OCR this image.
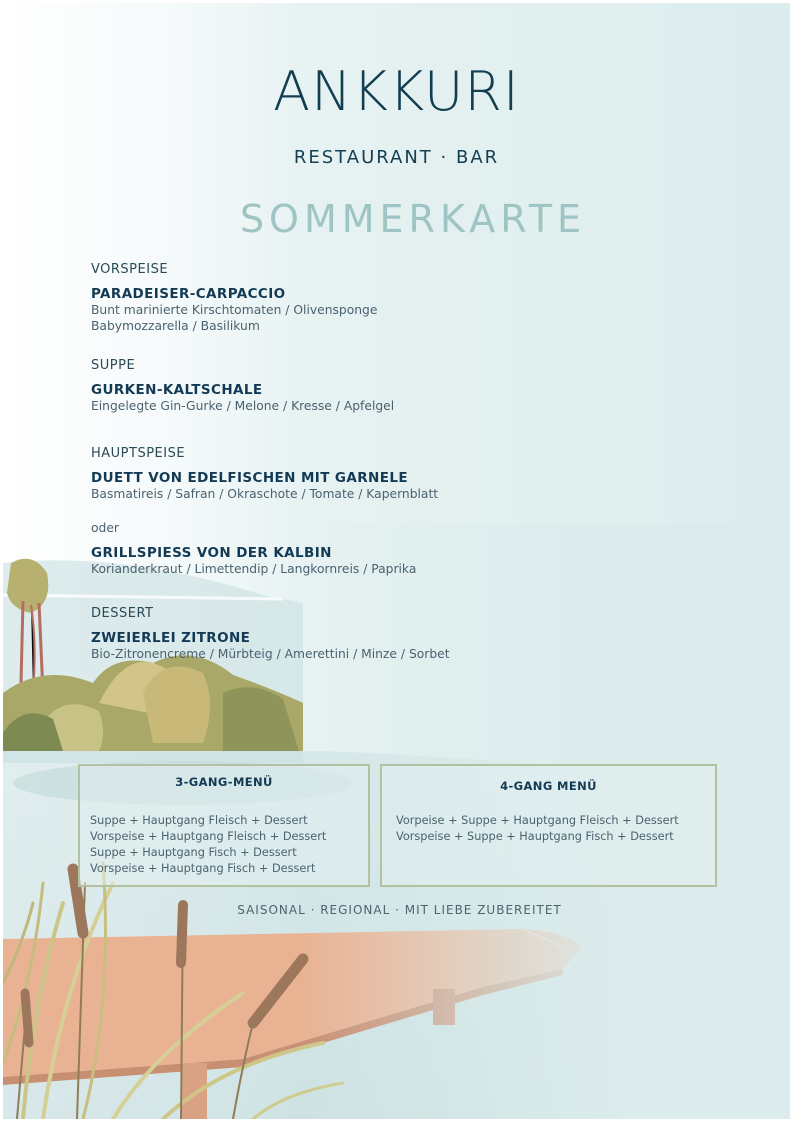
ANKKURI
RESTAURANT · BAR
SOMMERKARTE
VORSPEISE
PARADEISER-CARPACCIO
Bunt marinierte Kirschtomaten / Olivensponge
Babymozzarella / Basilikum
SUPPE
GURKEN-KALTSCHALE
Eingelegte Gin-Gurke / Melone / Kresse / Apfelgel
HAUPTSPEISE
DUETT VON EDELFISCHEN MIT GARNELE
Basmatireis / Safran / Okraschote / Tomate / Kapernblatt
oder
GRILLSPIESS VON DER KALBIN
Korianderkraut / Limettendip / Langkornreis / Paprika
DESSERT
ZWEIERLEI ZITRONE
Bio-Zitronencreme / Mürbteig / Amerettini / Minze / Sorbet
3-GANG-MENÜ
Suppe + Hauptgang Fleisch + Dessert
Vorspeise + Hauptgang Fleisch + Dessert
Suppe + Hauptgang Fisch + Dessert
Vorspeise + Hauptgang Fisch + Dessert
4-GANG MENÜ
Vorpeise + Suppe + Hauptgang Fleisch + Dessert
Vorspeise + Suppe + Hauptgang Fisch + Dessert
SAISONAL · REGIONAL · MIT LIEBE ZUBEREITET
